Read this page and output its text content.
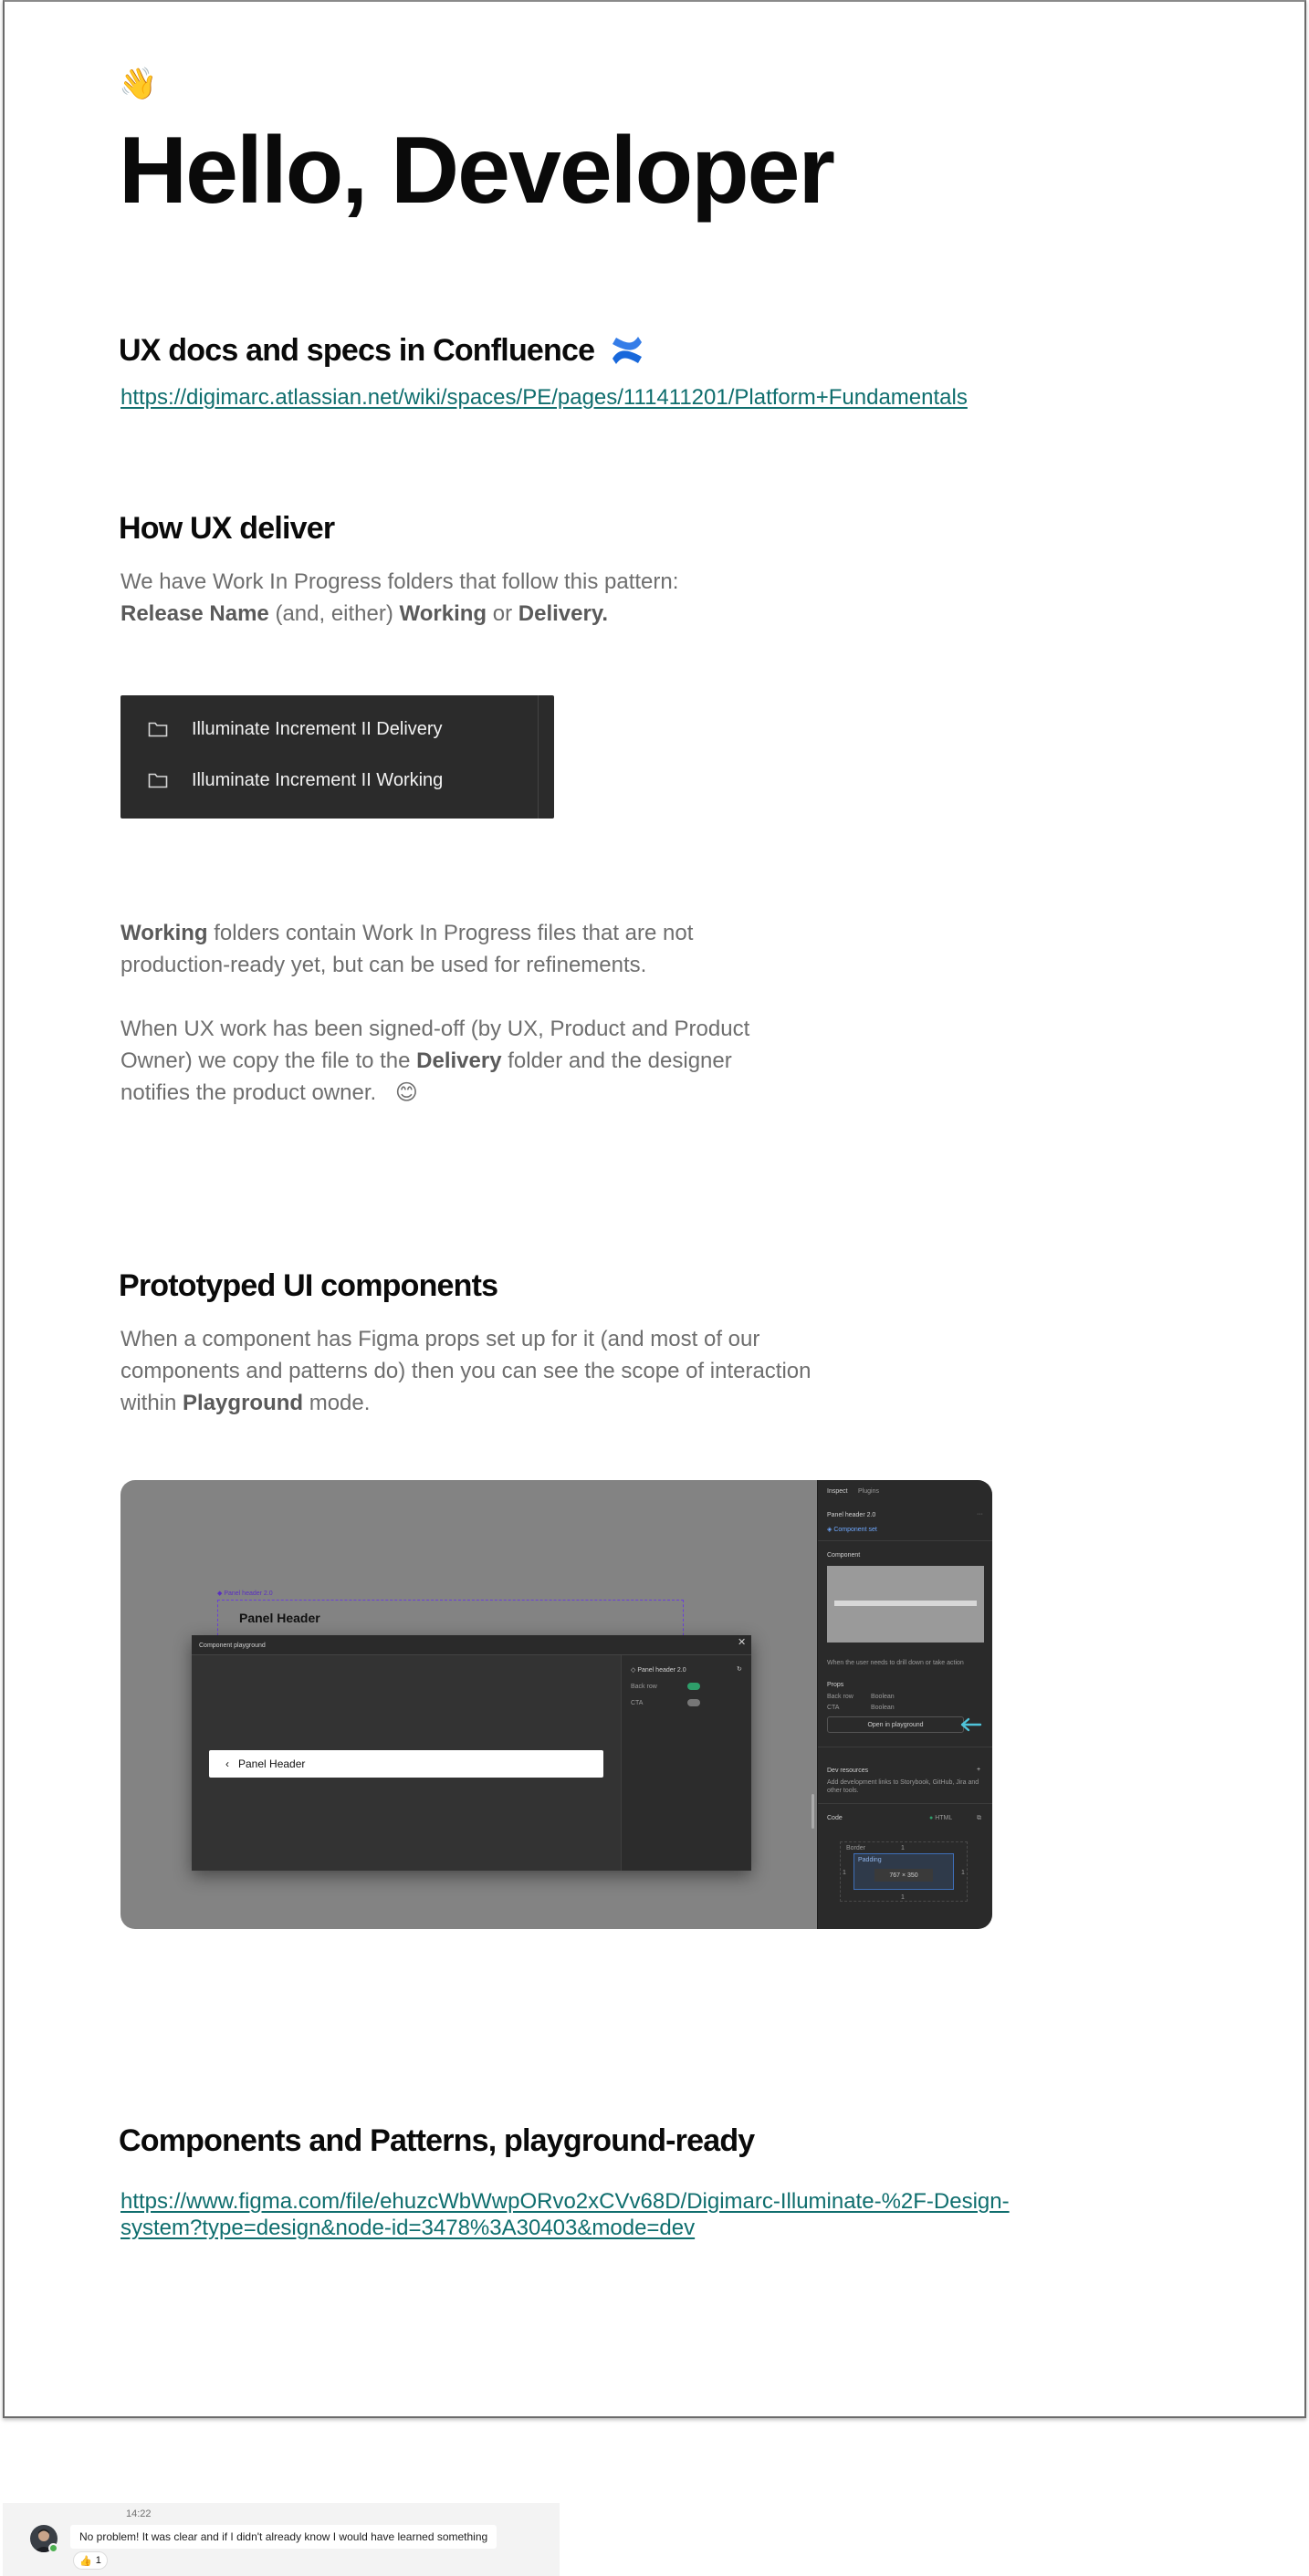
👋
Hello, Developer
UX docs and specs in Confluence
https://digimarc.atlassian.net/wiki/spaces/PE/pages/111411201/Platform+Fundamentals
How UX deliver

We have Work In Progress folders that follow this pattern:
Release Name (and, either) Working or Delivery.

Illuminate Increment II Delivery
Illuminate Increment II Working

Working folders contain Work In Progress files that are not production-ready yet, but can be used for refinements.

When UX work has been signed-off (by UX, Product and Product Owner) we copy the file to the Delivery folder and the designer notifies the product owner. 😊

Prototyped UI components

When a component has Figma props set up for it (and most of our components and patterns do) then you can see the scope of interaction within Playground mode.

◆ Panel header 2.0
Panel Header
Component playground	✕
‹ Panel Header
◇ Panel header 2.0	↻
Back row
CTA
Inspect Plugins
Panel header 2.0	···
◈ Component set
Component
When the user needs to drill down or take action
Props
Back row	Boolean
CTA	Boolean
Open in playground
Dev resources	+
Add development links to Storybook, GitHub, Jira and other tools.
Code	● HTML	⧉
Border	1
1	1
1
Padding
767 × 350
Components and Patterns, playground-ready
https://www.figma.com/file/ehuzcWbWwpORvo2xCVv68D/Digimarc-Illuminate-%2F-Design-
system?type=design&node-id=3478%3A30403&mode=dev
14:22
No problem! It was clear and if I didn't already know I would have learned something
👍 1
